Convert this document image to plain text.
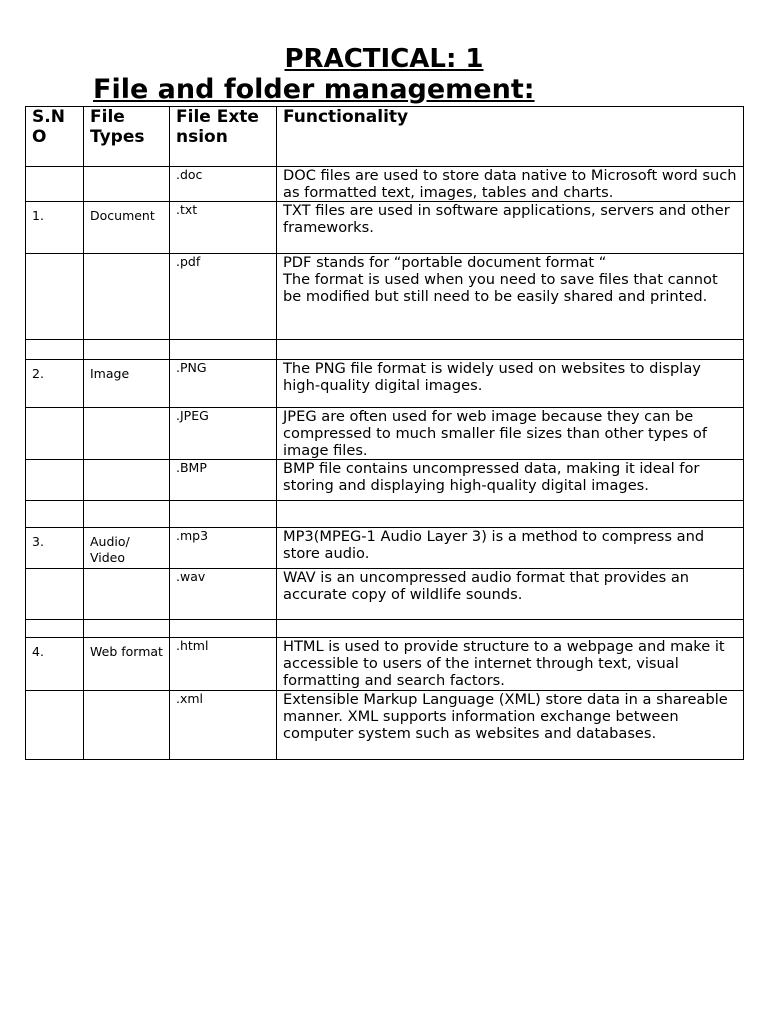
PRACTICAL: 1
File and folder management:
S.NO	File Types	File Extension	Functionality

		.doc	DOC files are used to store data native to Microsoft word such as formatted text, images, tables and charts.
1.	Document	.txt	TXT files are used in software applications, servers and other frameworks.
		.pdf	PDF stands for “portable document format “
The format is used when you need to save files that cannot be modified but still need to be easily shared and printed.

2.	Image	.PNG	The PNG file format is widely used on websites to display high-quality digital images.
		.JPEG	JPEG are often used for web image because they can be compressed to much smaller file sizes than other types of image files.
		.BMP	BMP file contains uncompressed data, making it ideal for storing and displaying high-quality digital images.

3.	Audio/ Video	.mp3	MP3(MPEG-1 Audio Layer 3) is a method to compress and store audio.
		.wav	WAV is an uncompressed audio format that provides an accurate copy of wildlife sounds.

4.	Web format	.html	HTML is used to provide structure to a webpage and make it accessible to users of the internet through text, visual formatting and search factors.
		.xml	Extensible Markup Language (XML) store data in a shareable manner. XML supports information exchange between computer system such as websites and databases.
